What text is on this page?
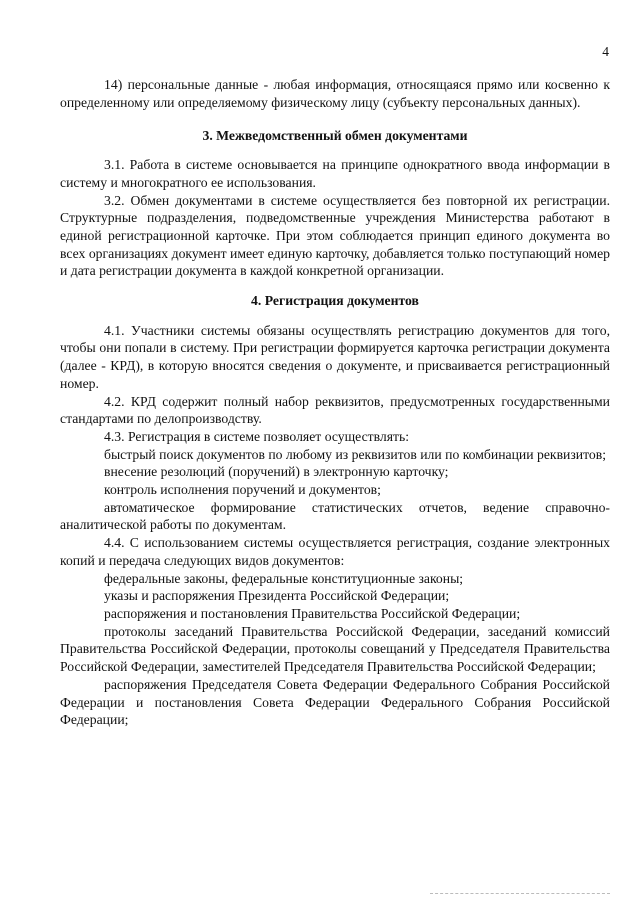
4

14) персональные данные - любая информация, относящаяся прямо или косвенно к определенному или определяемому физическому лицу (субъекту персональных данных).

3. Межведомственный обмен документами

3.1. Работа в системе основывается на принципе однократного ввода информации в систему и многократного ее использования.

3.2. Обмен документами в системе осуществляется без повторной их регистрации. Структурные подразделения, подведомственные учреждения Министерства работают в единой регистрационной карточке. При этом соблюдается принцип единого документа во всех организациях документ имеет единую карточку, добавляется только поступающий номер и дата регистрации документа в каждой конкретной организации.

4. Регистрация документов

4.1. Участники системы обязаны осуществлять регистрацию документов для того, чтобы они попали в систему. При регистрации формируется карточка регистрации документа (далее - КРД), в которую вносятся сведения о документе, и присваивается регистрационный номер.

4.2. КРД содержит полный набор реквизитов, предусмотренных государственными стандартами по делопроизводству.

4.3. Регистрация в системе позволяет осуществлять:

быстрый поиск документов по любому из реквизитов или по комбинации реквизитов;

внесение резолюций (поручений) в электронную карточку;

контроль исполнения поручений и документов;

автоматическое формирование статистических отчетов, ведение справочно-аналитической работы по документам.

4.4. С использованием системы осуществляется регистрация, создание электронных копий и передача следующих видов документов:

федеральные законы, федеральные конституционные законы;

указы и распоряжения Президента Российской Федерации;

распоряжения и постановления Правительства Российской Федерации;

протоколы заседаний Правительства Российской Федерации, заседаний комиссий Правительства Российской Федерации, протоколы совещаний у Председателя Правительства Российской Федерации, заместителей Председателя Правительства Российской Федерации;

распоряжения Председателя Совета Федерации Федерального Собрания Российской Федерации и постановления Совета Федерации Федерального Собрания Российской Федерации;
